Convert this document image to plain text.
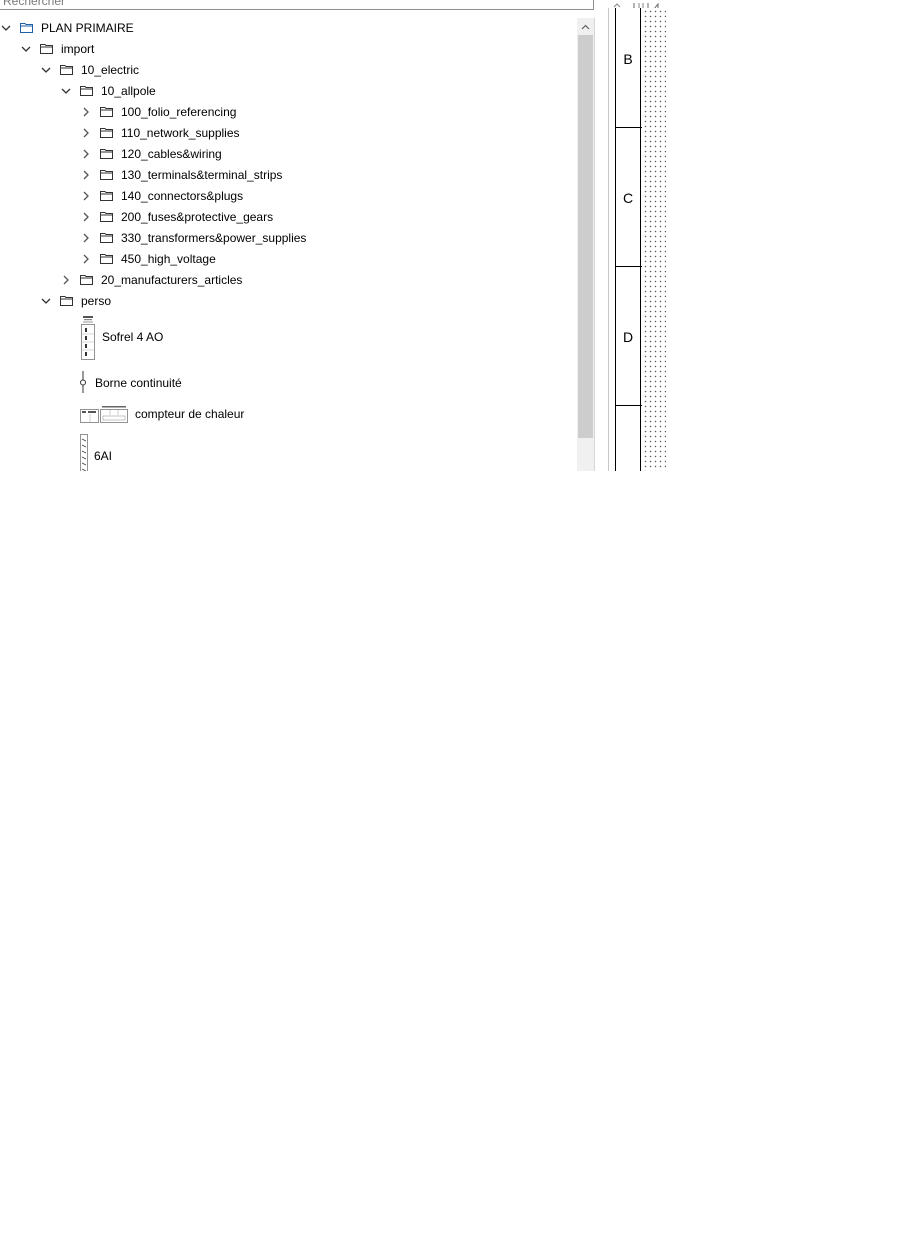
Rechercher
PLAN PRIMAIRE
import
10_electric
10_allpole
100_folio_referencing
110_network_supplies
120_cables&wiring
130_terminals&terminal_strips
140_connectors&plugs
200_fuses&protective_gears
330_transformers&power_supplies
450_high_voltage
20_manufacturers_articles
perso
Sofrel 4 AO
Borne continuité
compteur de chaleur
6AI
B
C
D
